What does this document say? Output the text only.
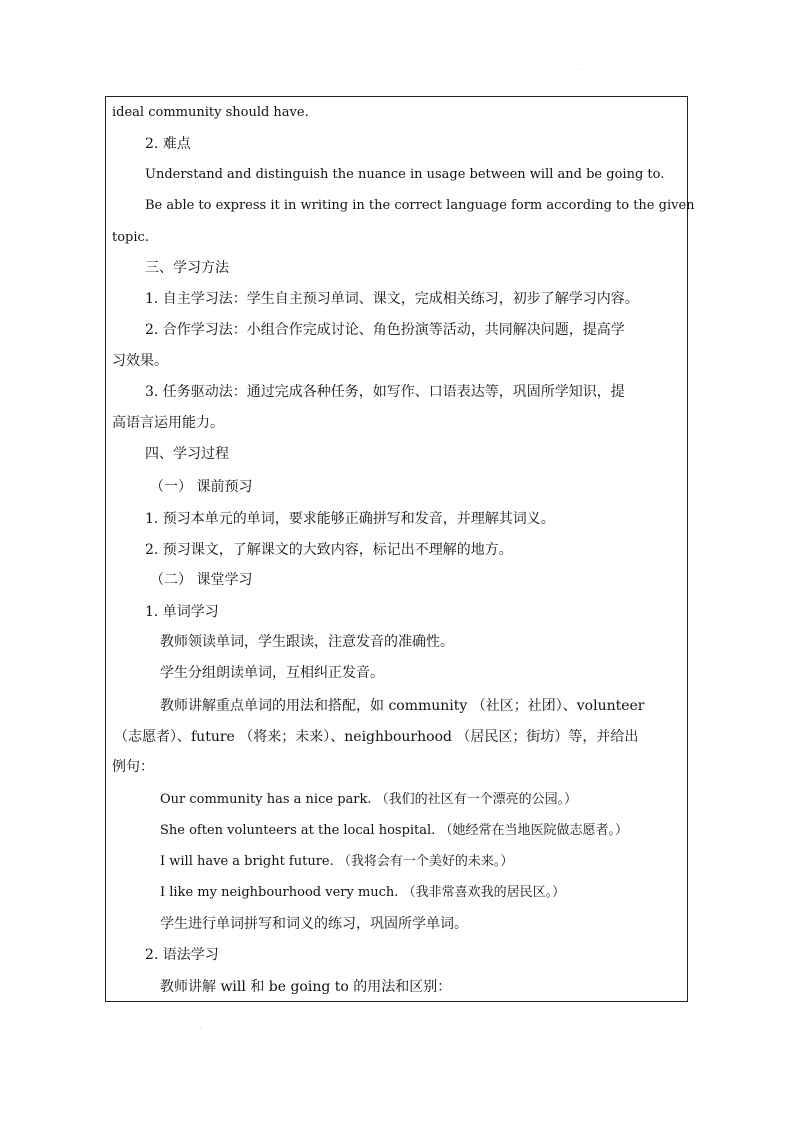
ideal community should have.
2. 难点
Understand and distinguish the nuance in usage between will and be going to.
Be able to express it in writing in the correct language form according to the given
topic.
三、学习方法
1. 自主学习法：学生自主预习单词、课文，完成相关练习，初步了解学习内容。
2. 合作学习法：小组合作完成讨论、角色扮演等活动，共同解决问题，提高学
习效果。
3. 任务驱动法：通过完成各种任务，如写作、口语表达等，巩固所学知识，提
高语言运用能力。
四、学习过程
（一） 课前预习
1. 预习本单元的单词，要求能够正确拼写和发音，并理解其词义。
2. 预习课文，了解课文的大致内容，标记出不理解的地方。
（二） 课堂学习
1. 单词学习
教师领读单词，学生跟读，注意发音的准确性。
学生分组朗读单词，互相纠正发音。
教师讲解重点单词的用法和搭配，如 community （社区；社团）、volunteer
（志愿者）、future （将来；未来）、neighbourhood （居民区；街坊）等，并给出
例句：
Our community has a nice park. （我们的社区有一个漂亮的公园。）
She often volunteers at the local hospital. （她经常在当地医院做志愿者。）
I will have a bright future. （我将会有一个美好的未来。）
I like my neighbourhood very much. （我非常喜欢我的居民区。）
学生进行单词拼写和词义的练习，巩固所学单词。
2. 语法学习
教师讲解 will 和 be going to 的用法和区别：
